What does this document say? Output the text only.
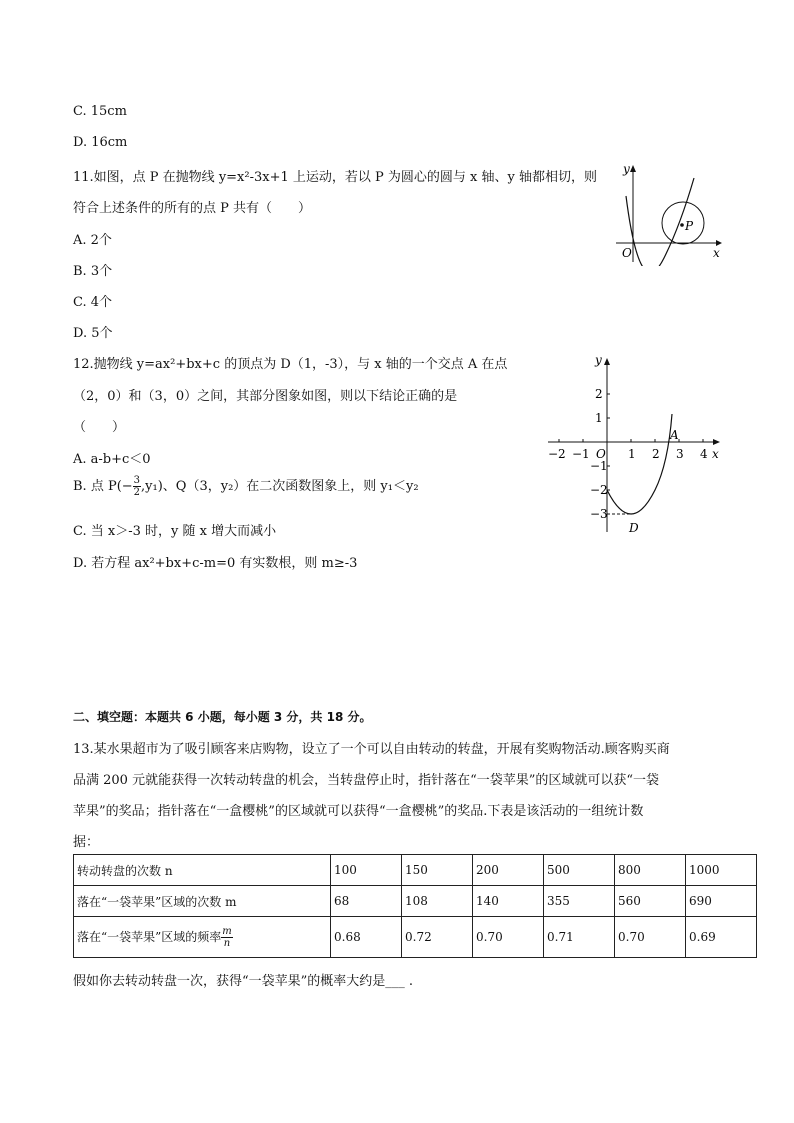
C. 15cm
D. 16cm
11.如图，点 P 在抛物线 y=x²-3x+1 上运动，若以 P 为圆心的圆与 x 轴、y 轴都相切，则
符合上述条件的所有的点 P 共有（　　）
A. 2个
B. 3个
C. 4个
D. 5个
P
y
x
O
12.抛物线 y=ax²+bx+c 的顶点为 D（1，-3），与 x 轴的一个交点 A 在点
（2，0）和（3，0）之间，其部分图象如图，则以下结论正确的是
（　　）
A. a-b+c＜0
B. 点 $P(- \frac{3}{2} ,y_1)$、Q（3，y₂）在二次函数图象上，则 y₁＜y₂
C. 当 x＞-3 时，y 随 x 增大而减小
D. 若方程 ax²+bx+c-m=0 有实数根，则 m≥-3
−2 −1	1 2 3 4
2
1
−1
−2
−3
O
y
x
A
D
二、填空题：本题共 6 小题，每小题 3 分，共 18 分。
13.某水果超市为了吸引顾客来店购物，设立了一个可以自由转动的转盘，开展有奖购物活动.顾客购买商
品满 200 元就能获得一次转动转盘的机会，当转盘停止时，指针落在“一袋苹果”的区域就可以获“一袋
苹果”的奖品；指针落在“一盒樱桃”的区域就可以获得“一盒樱桃”的奖品.下表是该活动的一组统计数
据：
转动转盘的次数 n	100	150	200	500	800	1000
落在“一袋苹果”区域的次数 m	68	108	140	355	560	690
落在“一袋苹果”区域的频率 $\frac{m}{n}$	0.68	0.72	0.70	0.71	0.70	0.69
假如你去转动转盘一次，获得“一袋苹果”的概率大约是___ .
